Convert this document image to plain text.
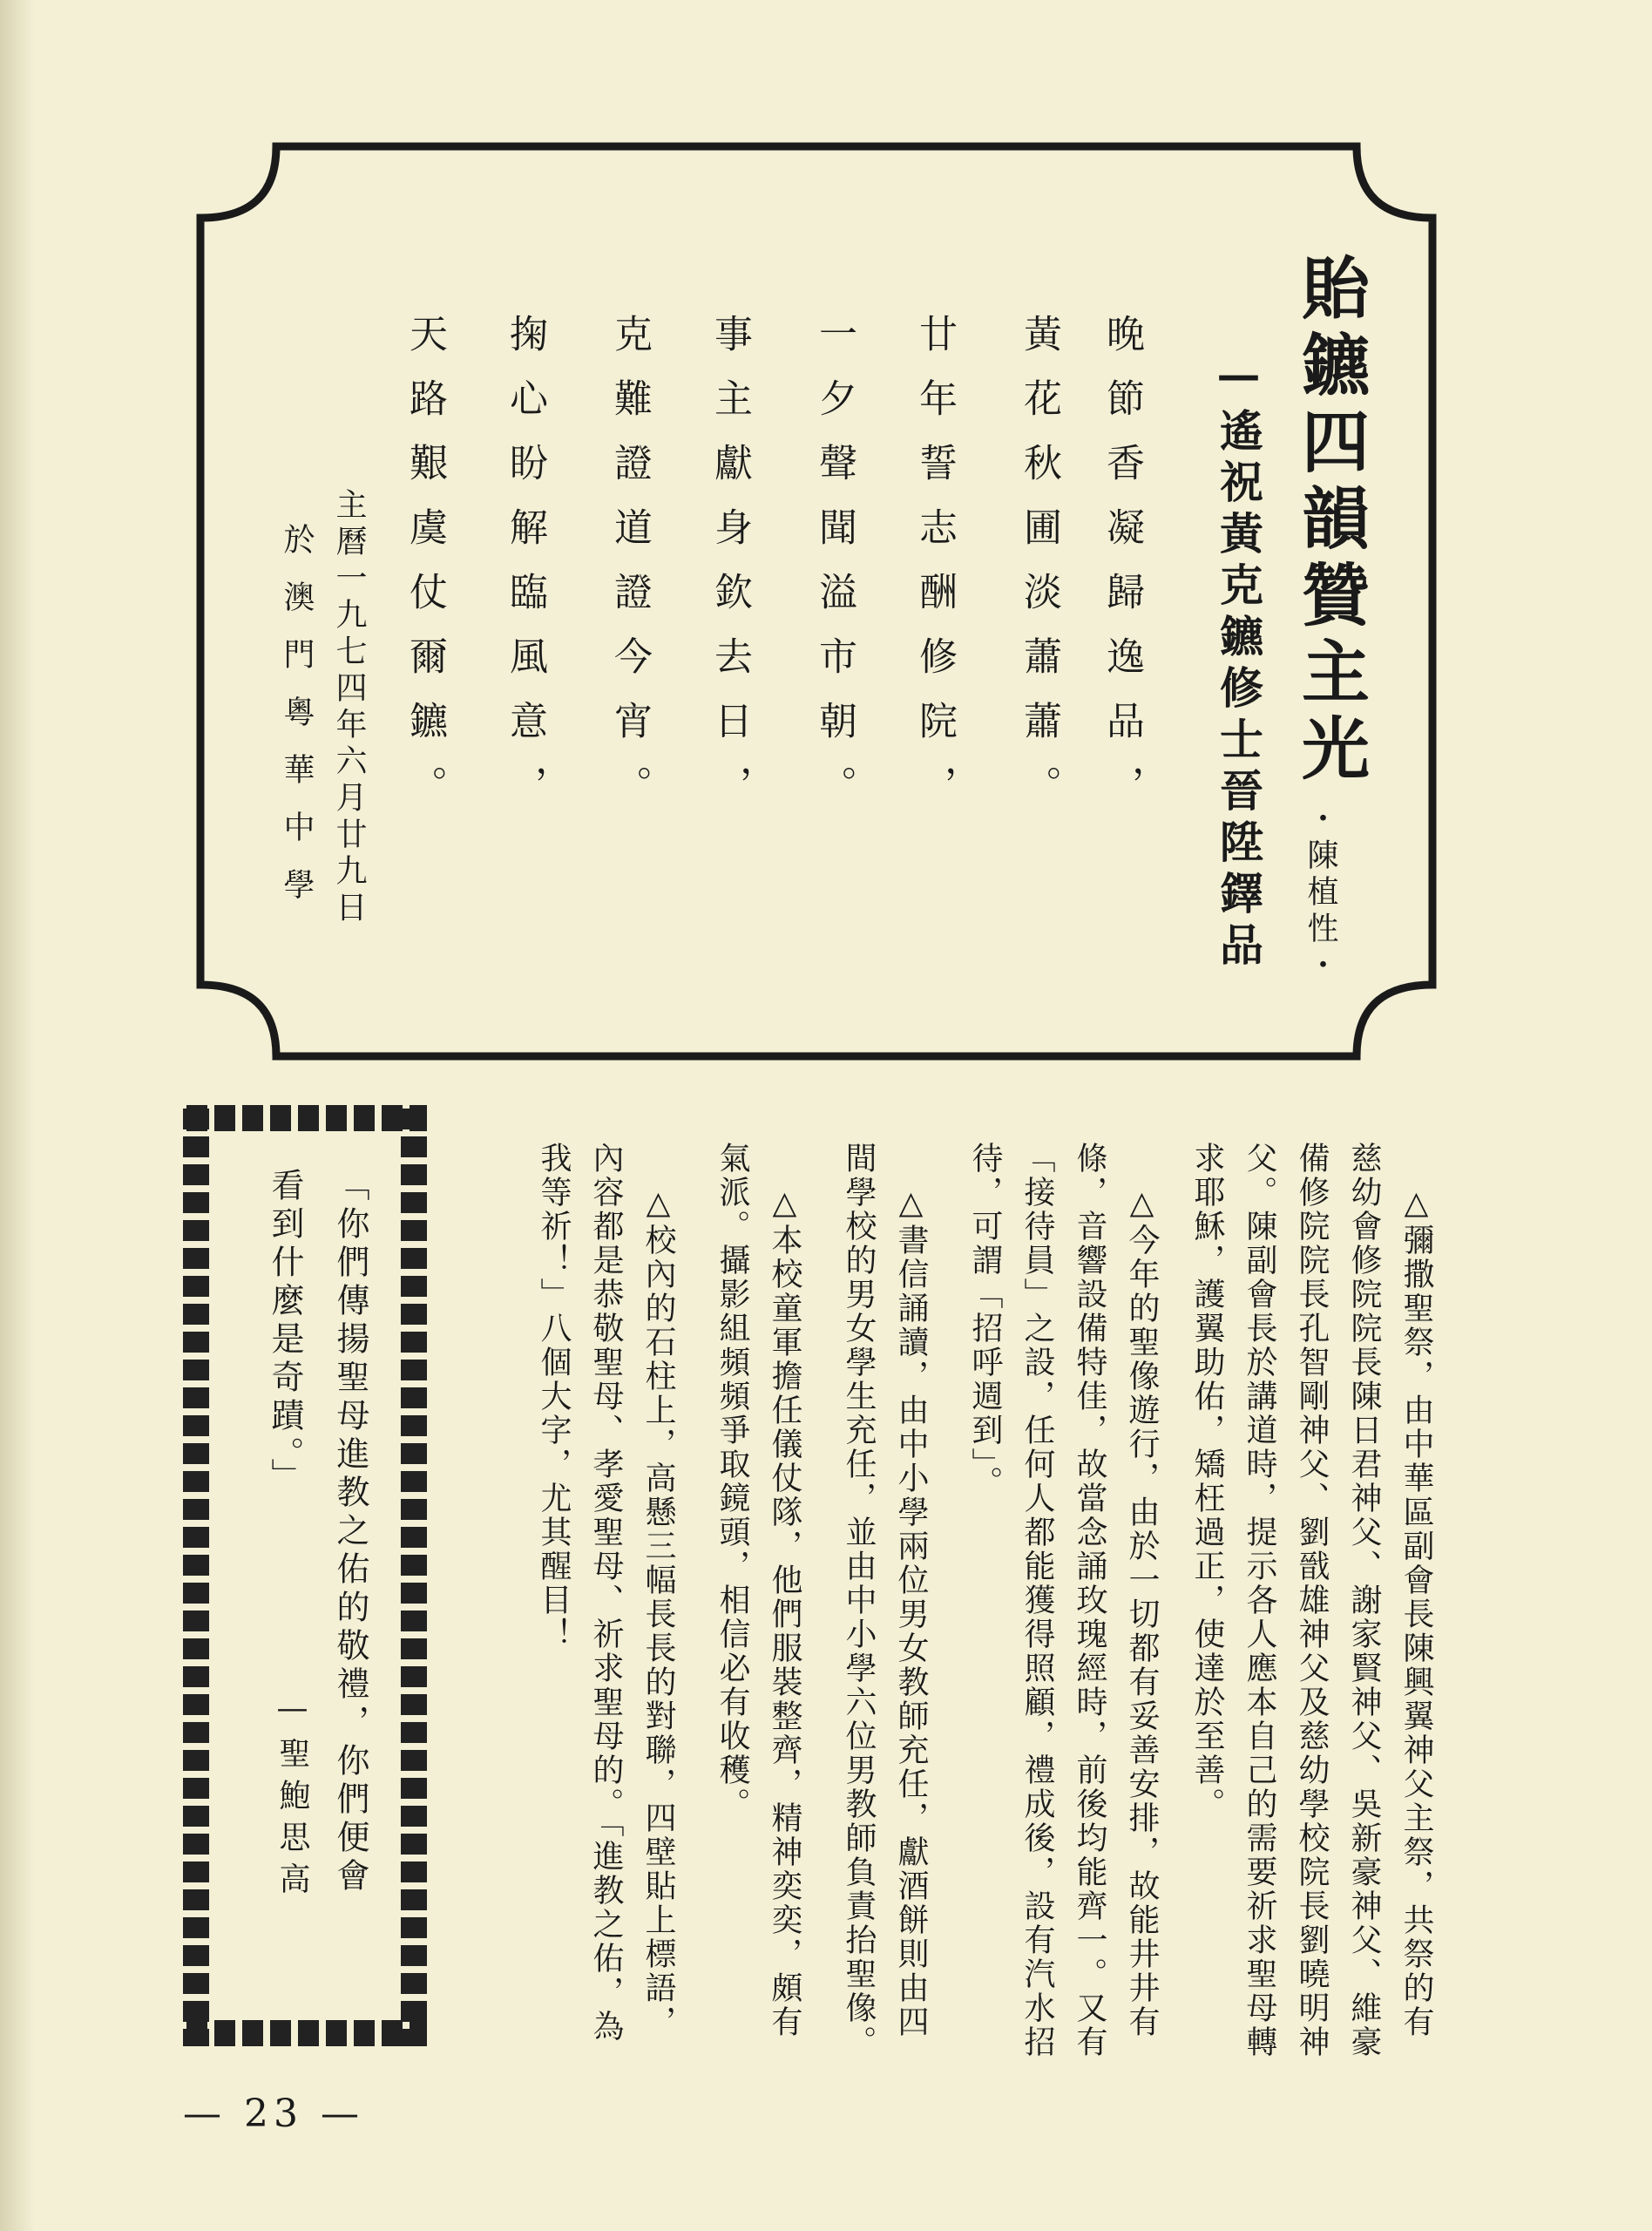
貽鑣四韻贊主光
—遙祝黃克鑣修士晉陞鐸品 ・陳植性・
晚節香凝歸逸品，
黃花秋圃淡蕭蕭。
廿年誓志酬修院，
一夕聲聞溢市朝。
事主獻身欽去日，
克難證道證今宵。
掬心盼解臨風意，
天路艱虞仗爾鑣。
主曆一九七四年六月廿九日
於澳門粵華中學
△彌撒聖祭，由中華區副會長陳興翼神父主祭，共祭的有
慈幼會修院院長陳日君神父、謝家賢神父、吳新豪神父、維豪
備修院院長孔智剛神父、劉戩雄神父及慈幼學校院長劉曉明神
父。陳副會長於講道時，提示各人應本自己的需要祈求聖母轉
求耶穌，護翼助佑，矯枉過正，使達於至善。
△今年的聖像遊行，由於一切都有妥善安排，故能井井有
條，音響設備特佳，故當念誦玫瑰經時，前後均能齊一。又有
「接待員」之設，任何人都能獲得照顧，禮成後，設有汽水招
待，可謂「招呼週到」。
△書信誦讀，由中小學兩位男女教師充任，獻酒餅則由四
間學校的男女學生充任，並由中小學六位男教師負責抬聖像。
△本校童軍擔任儀仗隊，他們服裝整齊，精神奕奕，頗有
氣派。攝影組頻頻爭取鏡頭，相信必有收穫。
△校內的石柱上，高懸三幅長長的對聯，四壁貼上標語，
內容都是恭敬聖母、孝愛聖母、祈求聖母的。「進教之佑，為
我等祈！」八個大字，尤其醒目！
「你們傳揚聖母進教之佑的敬禮，你們便會
看到什麼是奇蹟。」
—聖鮑思高
— 23 —
